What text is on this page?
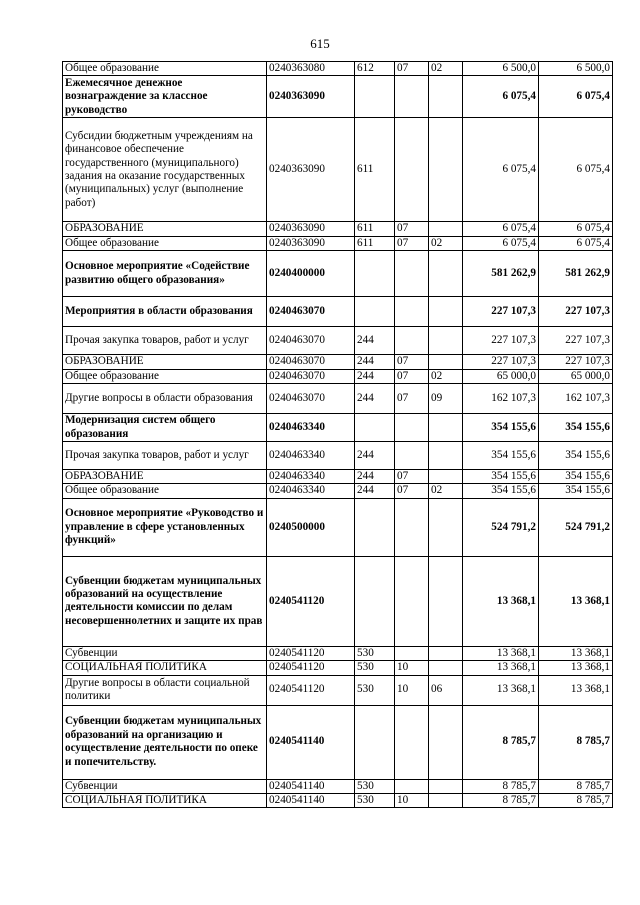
615
Общее образование	0240363080	612	07	02	6 500,0	6 500,0
Ежемесячное денежное вознаграждение за классное руководство	0240363090				6 075,4	6 075,4
Субсидии бюджетным учреждениям на финансовое обеспечение государственного (муниципального) задания на оказание государственных (муниципальных) услуг (выполнение работ)	0240363090	611			6 075,4	6 075,4
ОБРАЗОВАНИЕ	0240363090	611	07		6 075,4	6 075,4
Общее образование	0240363090	611	07	02	6 075,4	6 075,4
Основное мероприятие «Содействие развитию общего образования»	0240400000				581 262,9	581 262,9
Мероприятия в области образования	0240463070				227 107,3	227 107,3
Прочая закупка товаров, работ и услуг	0240463070	244			227 107,3	227 107,3
ОБРАЗОВАНИЕ	0240463070	244	07		227 107,3	227 107,3
Общее образование	0240463070	244	07	02	65 000,0	65 000,0
Другие вопросы в области образования	0240463070	244	07	09	162 107,3	162 107,3
Модернизация систем общего образования	0240463340				354 155,6	354 155,6
Прочая закупка товаров, работ и услуг	0240463340	244			354 155,6	354 155,6
ОБРАЗОВАНИЕ	0240463340	244	07		354 155,6	354 155,6
Общее образование	0240463340	244	07	02	354 155,6	354 155,6
Основное мероприятие «Руководство и управление в сфере установленных функций»	0240500000				524 791,2	524 791,2
Субвенции бюджетам муниципальных образований на осуществление деятельности комиссии по делам несовершеннолетних и защите их прав	0240541120				13 368,1	13 368,1
Субвенции	0240541120	530			13 368,1	13 368,1
СОЦИАЛЬНАЯ ПОЛИТИКА	0240541120	530	10		13 368,1	13 368,1
Другие вопросы в области социальной политики	0240541120	530	10	06	13 368,1	13 368,1
Субвенции бюджетам муниципальных образований на организацию и осуществление деятельности по опеке и попечительству.	0240541140				8 785,7	8 785,7
Субвенции	0240541140	530			8 785,7	8 785,7
СОЦИАЛЬНАЯ ПОЛИТИКА	0240541140	530	10		8 785,7	8 785,7
